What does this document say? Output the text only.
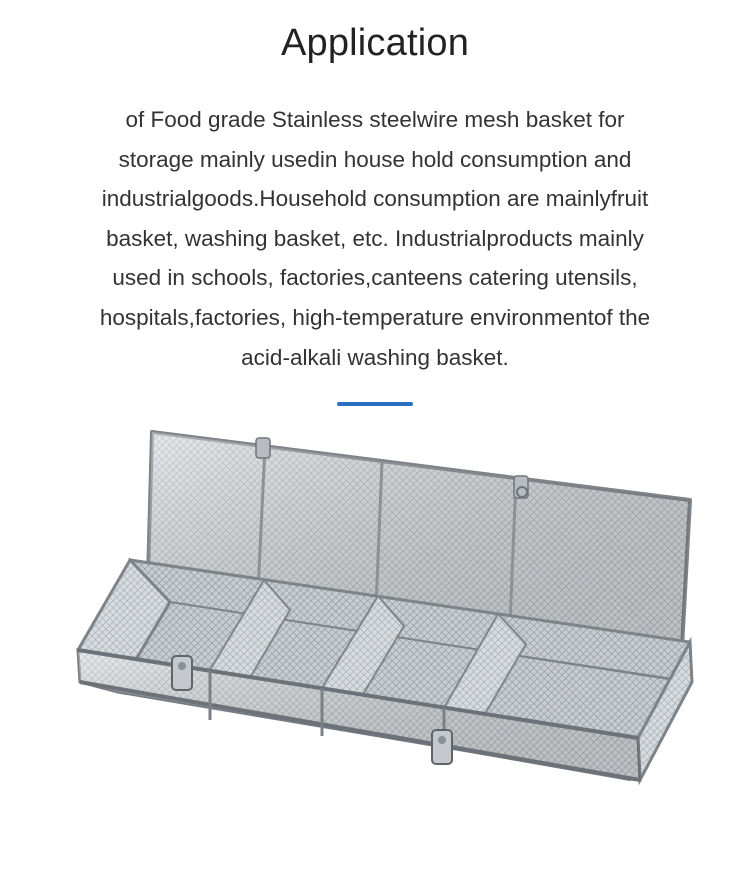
Application
of Food grade Stainless steelwire mesh basket for
storage mainly usedin house hold consumption and
industrialgoods.Household consumption are mainlyfruit
basket, washing basket, etc. Industrialproducts mainly
used in schools, factories,canteens catering utensils,
hospitals,factories, high-temperature environmentof the
acid-alkali washing basket.
